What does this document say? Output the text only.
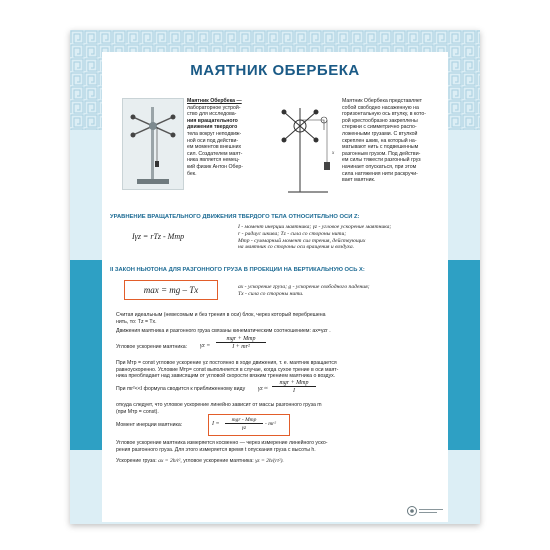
МАЯТНИК ОБЕРБЕКА
Маятник Обербека —
лабораторное устрой-
ство для исследова-
ния вращательного
движения твердого
тела вокруг неподвиж-
ной оси под действи-
ем моментов внешних
сил. Создателем маят-
ника является немец-
кий физик Антон Обер-
бек.
x
Маятник Обербека представляет
собой свободно насаженную на
горизонтальную ось втулку, в кото-
рой крестообразно закреплены
стержни с симметрично распо-
ложенными грузами. С втулкой
скреплен шкив, на который на-
матывают нить с подвешенным
разгонным грузом. Под действи-
ем силы тяжести разгонный груз
начинает опускаться, при этом
сила натяжения нити раскручи-
вает маятник.
УРАВНЕНИЕ ВРАЩАТЕЛЬНОГО ДВИЖЕНИЯ ТВЕРДОГО ТЕЛА ОТНОСИТЕЛЬНО ОСИ Z:
Iγz = rTz - Mтр
I - момент инерции маятника; γz - угловое ускорение маятника;
r - радиус шкива; Tz - сила со стороны нити;
Mтр - суммарный момент сил трения, действующих
на маятник со стороны оси вращения и воздуха.
II ЗАКОН НЬЮТОНА ДЛЯ РАЗГОННОГО ГРУЗА В ПРОЕКЦИИ НА ВЕРТИКАЛЬНУЮ ОСЬ X:
max = mg – Tx	ax - ускорение груза; g - ускорение свободного падения;
Tx - сила со стороны нити.
Считая идеальным (невесомым и без трения в оси) блок, через который перебрешена
нить, то: Tz = Tx.
Движения маятника и разгонного груза связаны кинематическим соотношением: ax=γzr .
Угловое ускорение маятника: γz =
mgr + Mтр
I + mr²
При Mтр = const угловое ускорение γz постоянно в ходе движения, т. е. маятник вращается
равноускоренно. Условие Mтр= const выполняется в случае, когда сухое трение в оси маят-
ника преобладает над зависящим от угловой скорости вязким трением маятника о воздух.
При mr²<<I формула сводится к приближенному виду γz ≈
mgr + Mтр
I
откуда следует, что угловое ускорение линейно зависит от массы разгонного груза m
(при Mтр = const).
Момент инерции маятника:	I =
mgr - Mтр
γz
- mr²
Угловое ускорение маятника измеряется косвенно — через измерение линейного уско-
рения разгонного груза. Для этого измеряется время t опускания груза с высоты h.
Ускорение груза: ax = 2h/t², угловое ускорение маятника: γz = 2h/(rt²).
